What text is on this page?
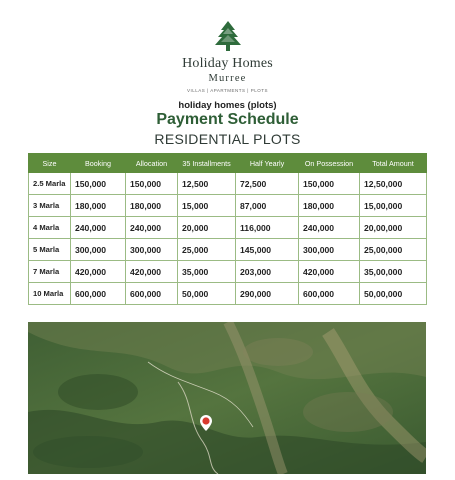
Holiday Homes
Murree
VILLAS | APARTMENTS | PLOTS
holiday homes (plots)
Payment Schedule
RESIDENTIAL PLOTS
Size	Booking	Allocation	35 Installments	Half Yearly	On Possession	Total Amount
2.5 Marla	150,000	150,000	12,500	72,500	150,000	12,50,000
3 Marla	180,000	180,000	15,000	87,000	180,000	15,00,000
4 Marla	240,000	240,000	20,000	116,000	240,000	20,00,000
5 Marla	300,000	300,000	25,000	145,000	300,000	25,00,000
7 Marla	420,000	420,000	35,000	203,000	420,000	35,00,000
10 Marla	600,000	600,000	50,000	290,000	600,000	50,00,000
